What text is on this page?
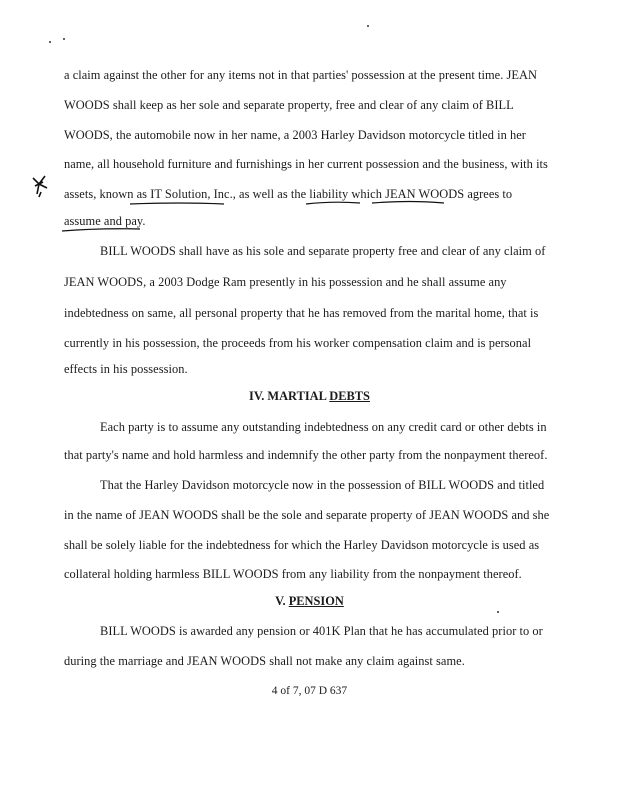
a claim against the other for any items not in that parties' possession at the present time. JEAN
WOODS shall keep as her sole and separate property, free and clear of any claim of BILL
WOODS, the automobile now in her name, a 2003 Harley Davidson motorcycle titled in her
name, all household furniture and furnishings in her current possession and the business, with its
assets, known as IT Solution, Inc., as well as the liability which JEAN WOODS agrees to
assume and pay.
BILL WOODS shall have as his sole and separate property free and clear of any claim of
JEAN WOODS, a 2003 Dodge Ram presently in his possession and he shall assume any
indebtedness on same, all personal property that he has removed from the marital home, that is
currently in his possession, the proceeds from his worker compensation claim and is personal
effects in his possession.
IV. MARTIAL DEBTS
Each party is to assume any outstanding indebtedness on any credit card or other debts in
that party's name and hold harmless and indemnify the other party from the nonpayment thereof.
That the Harley Davidson motorcycle now in the possession of BILL WOODS and titled
in the name of JEAN WOODS shall be the sole and separate property of JEAN WOODS and she
shall be solely liable for the indebtedness for which the Harley Davidson motorcycle is used as
collateral holding harmless BILL WOODS from any liability from the nonpayment thereof.
V. PENSION
BILL WOODS is awarded any pension or 401K Plan that he has accumulated prior to or
during the marriage and JEAN WOODS shall not make any claim against same.
4 of 7, 07 D 637
